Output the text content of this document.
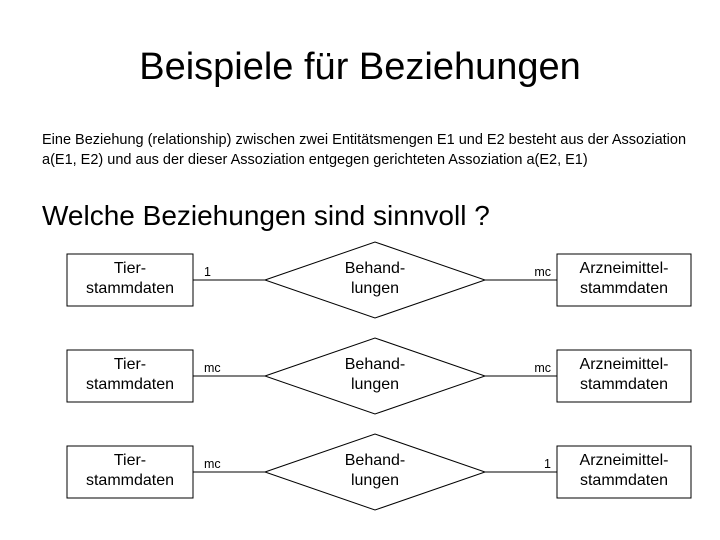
Beispiele für Beziehungen
Eine Beziehung (relationship) zwischen zwei Entitätsmengen E1 und E2 besteht aus der Assoziation a(E1, E2) und aus der dieser Assoziation entgegen gerichteten Assoziation a(E2, E1)
Welche Beziehungen sind sinnvoll ?
Tier-stammdaten
Behand-lungen
Arzneimittel-stammdaten
1	mc
Tier-stammdaten
Behand-lungen
Arzneimittel-stammdaten
mc	mc
Tier-stammdaten
Behand-lungen
Arzneimittel-stammdaten
mc	1
